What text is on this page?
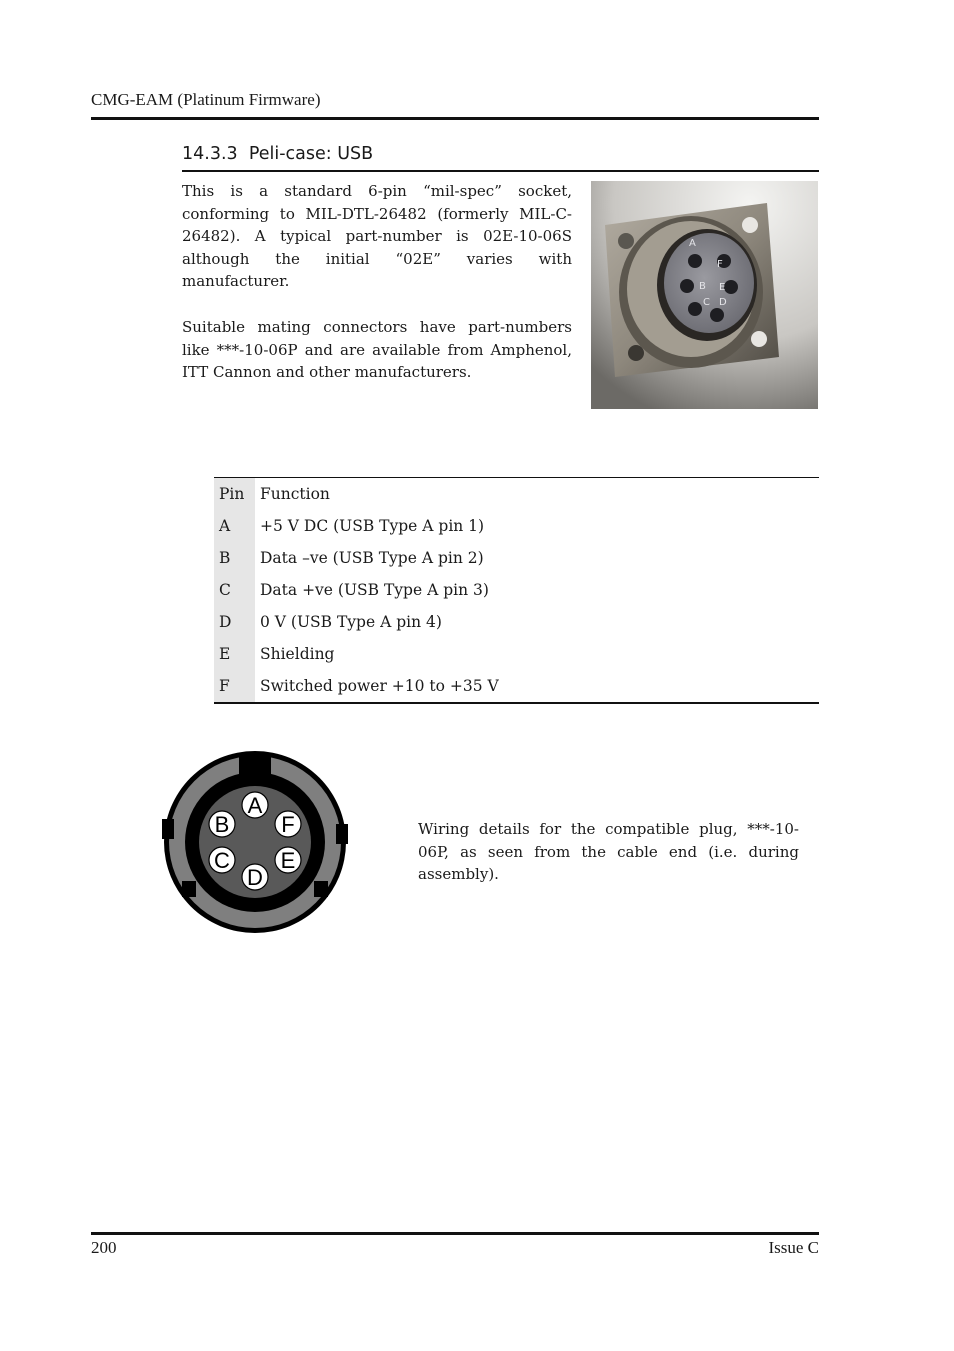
CMG-EAM (Platinum Firmware)
14.3.3 Peli-case: USB

This is a standard 6-pin “mil-spec” socket, conforming to MIL-DTL-26482 (formerly MIL-C-26482). A typical part-number is 02E-10-06S although the initial “02E” varies with manufacturer.

Suitable mating connectors have part-numbers like ***-10-06P and are available from Amphenol, ITT Cannon and other manufacturers.

A
F
B E
C D
Pin	Function
A	+5 V DC (USB Type A pin 1)
B	Data –ve (USB Type A pin 2)
C	Data +ve (USB Type A pin 3)
D	0 V (USB Type A pin 4)
E	Shielding
F	Switched power +10 to +35 V
A
B F
C E
D

Wiring details for the compatible plug, ***-10-06P, as seen from the cable end (i.e. during assembly).

200	Issue C
